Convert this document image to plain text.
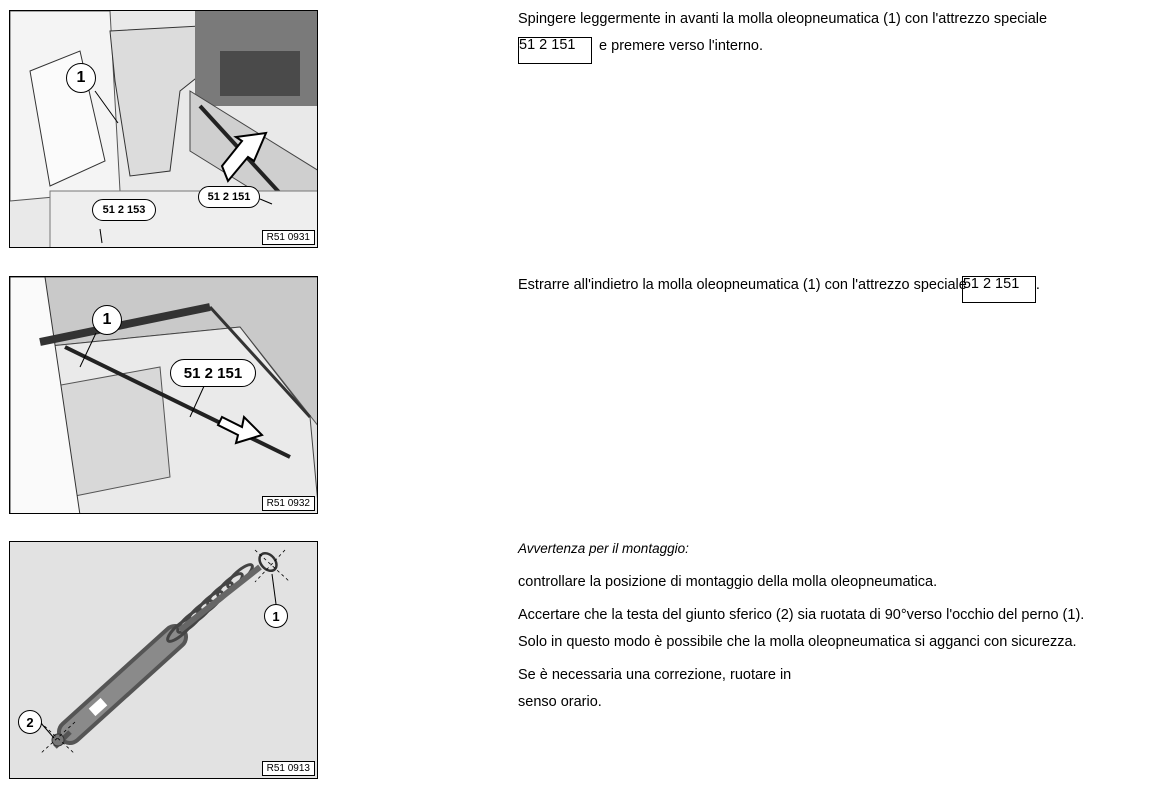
1
51 2 151
51 2 153
R51 0931
1
51 2 151
R51 0932
1
2
R51 0913
Spingere leggermente in avanti la molla oleopneumatica (1) con l'attrezzo speciale
51 2 151 e premere verso l'interno.
Estrarre all'indietro la molla oleopneumatica (1) con l'attrezzo speciale51 2 151 .
Avvertenza per il montaggio:
controllare la posizione di montaggio della molla oleopneumatica.
Accertare che la testa del giunto sferico (2) sia ruotata di 90°verso l'occhio del perno (1).
Solo in questo modo è possibile che la molla oleopneumatica si agganci con sicurezza.
Se è necessaria una correzione, ruotare in
senso orario.
